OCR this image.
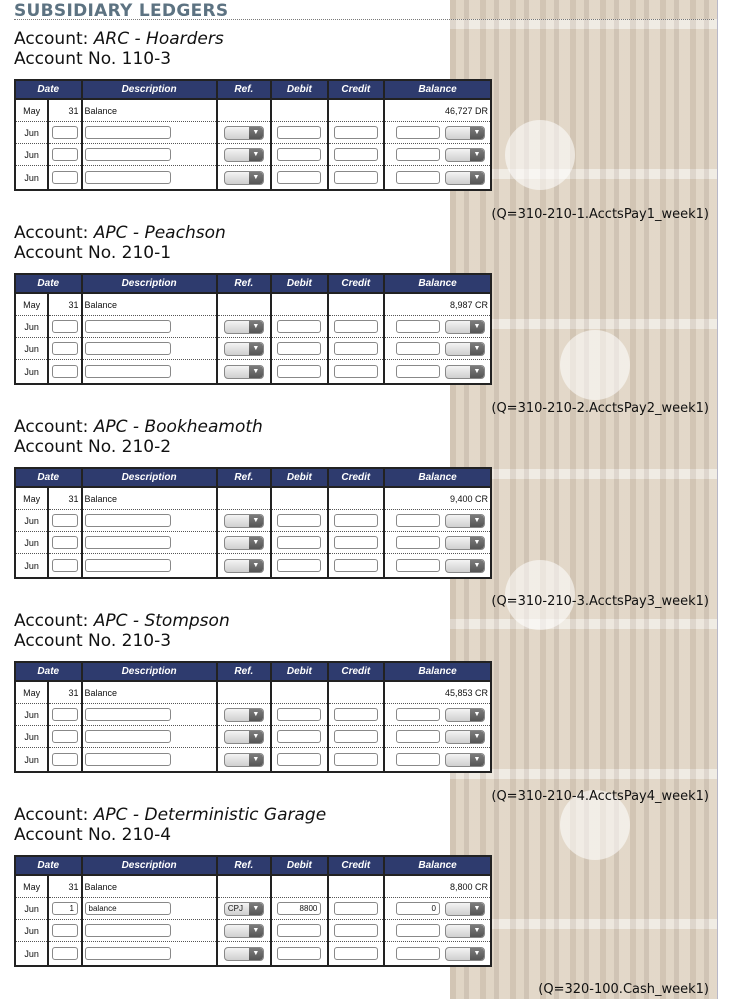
SUBSIDIARY LEDGERS
Account: ARC - Hoarders
Account No. 110-3
Date		Description	Ref.	Debit	Credit	Balance
May	31	Balance				46,727 DR
Jun			▼			▼

Jun			▼			▼

Jun			▼			▼
(Q=310-210-1.AcctsPay1_week1)
Account: APC - Peachson
Account No. 210-1
Date		Description	Ref.	Debit	Credit	Balance
May	31	Balance				8,987 CR
Jun			▼			▼

Jun			▼			▼

Jun			▼			▼
(Q=310-210-2.AcctsPay2_week1)
Account: APC - Bookheamoth
Account No. 210-2
Date		Description	Ref.	Debit	Credit	Balance
May	31	Balance				9,400 CR
Jun			▼			▼

Jun			▼			▼

Jun			▼			▼
(Q=310-210-3.AcctsPay3_week1)
Account: APC - Stompson
Account No. 210-3
Date		Description	Ref.	Debit	Credit	Balance
May	31	Balance				45,853 CR
Jun			▼			▼

Jun			▼			▼

Jun			▼			▼
(Q=310-210-4.AcctsPay4_week1)
Account: APC - Deterministic Garage
Account No. 210-4
Date		Description	Ref.	Debit	Credit	Balance
May	31	Balance				8,800 CR
Jun	1	balance	CPJ ▼	8800		0 ▼

Jun			▼			▼

Jun			▼			▼
(Q=320-100.Cash_week1)
